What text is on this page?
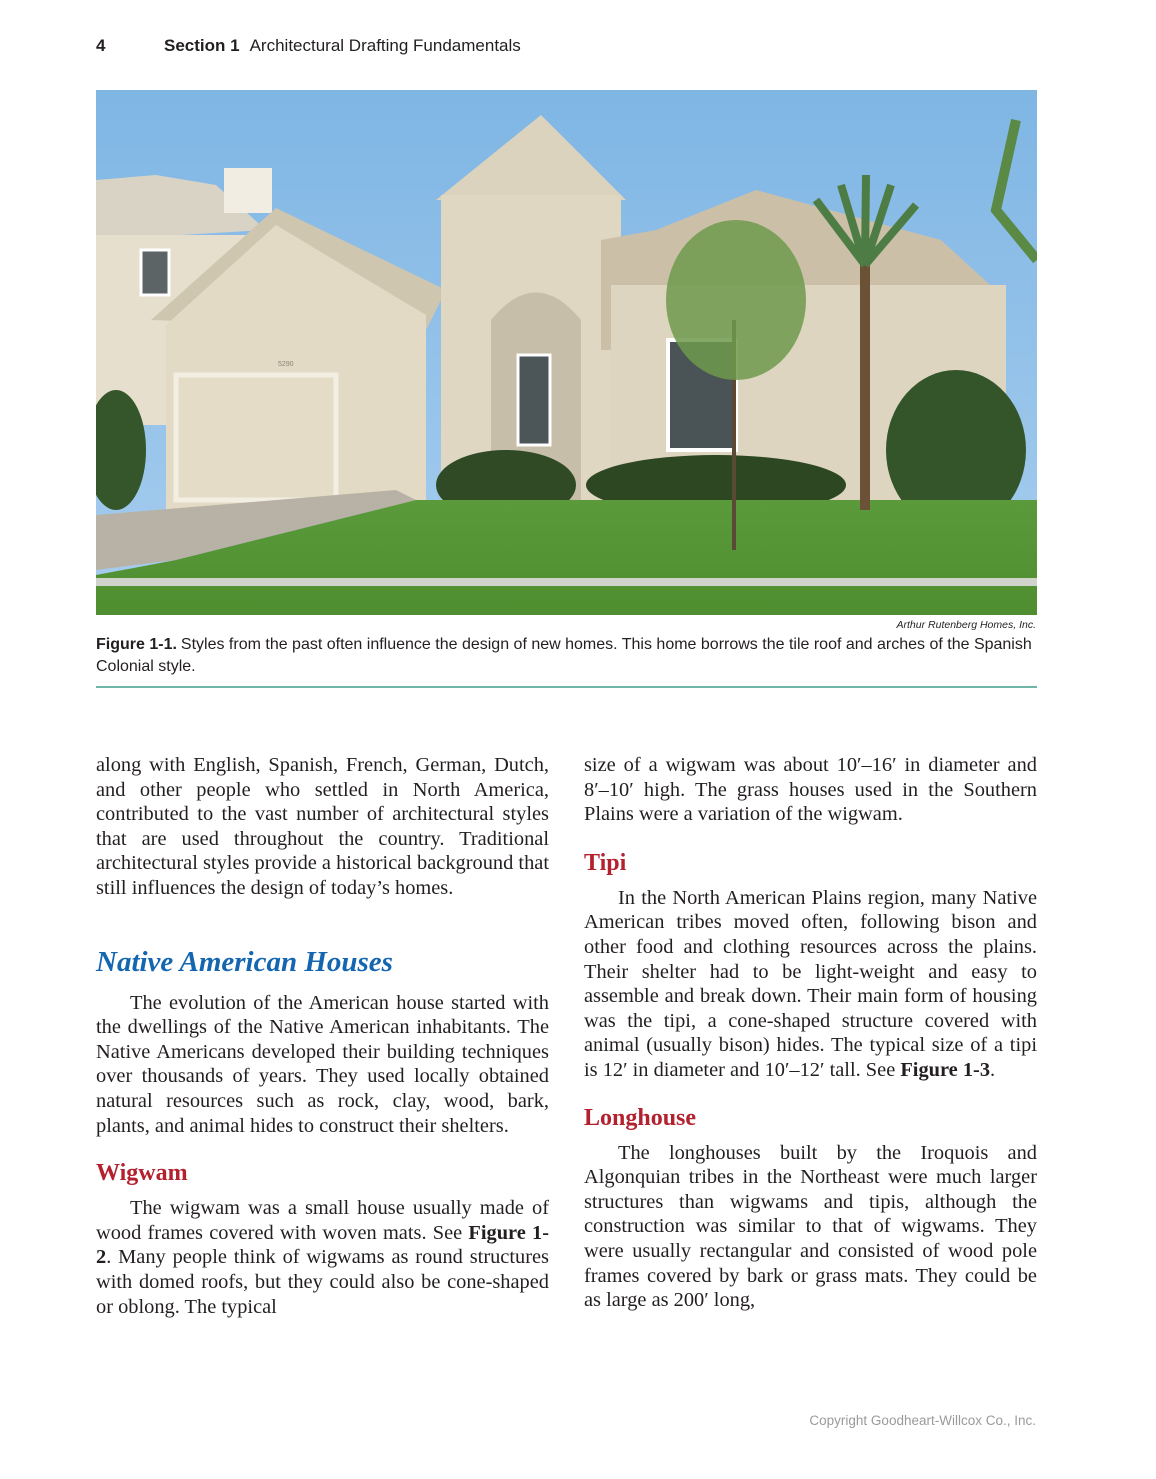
4	Section 1 Architectural Drafting Fundamentals
5290
Arthur Rutenberg Homes, Inc.
Figure 1-1. Styles from the past often influence the design of new homes. This home borrows the tile roof and arches of the Spanish Colonial style.

along with English, Spanish, French, German, Dutch, and other people who settled in North America, contributed to the vast number of architectural styles that are used throughout the country. Traditional architectural styles provide a historical background that still influences the design of today’s homes.

Native American Houses

The evolution of the American house started with the dwellings of the Native American inhabitants. The Native Americans developed their building techniques over thousands of years. They used locally obtained natural resources such as rock, clay, wood, bark, plants, and animal hides to construct their shelters.

Wigwam

The wigwam was a small house usually made of wood frames covered with woven mats. See Figure 1-2. Many people think of wigwams as round structures with domed roofs, but they could also be cone-shaped or oblong. The typical

size of a wigwam was about 10′–16′ in diameter and 8′–10′ high. The grass houses used in the Southern Plains were a variation of the wigwam.

Tipi

In the North American Plains region, many Native American tribes moved often, following bison and other food and clothing resources across the plains. Their shelter had to be light-weight and easy to assemble and break down. Their main form of housing was the tipi, a cone-shaped structure covered with animal (usually bison) hides. The typical size of a tipi is 12′ in diameter and 10′–12′ tall. See Figure 1-3.

Longhouse

The longhouses built by the Iroquois and Algonquian tribes in the Northeast were much larger structures than wigwams and tipis, although the construction was similar to that of wigwams. They were usually rectangular and consisted of wood pole frames covered by bark or grass mats. They could be as large as 200′ long,

Copyright Goodheart-Willcox Co., Inc.
